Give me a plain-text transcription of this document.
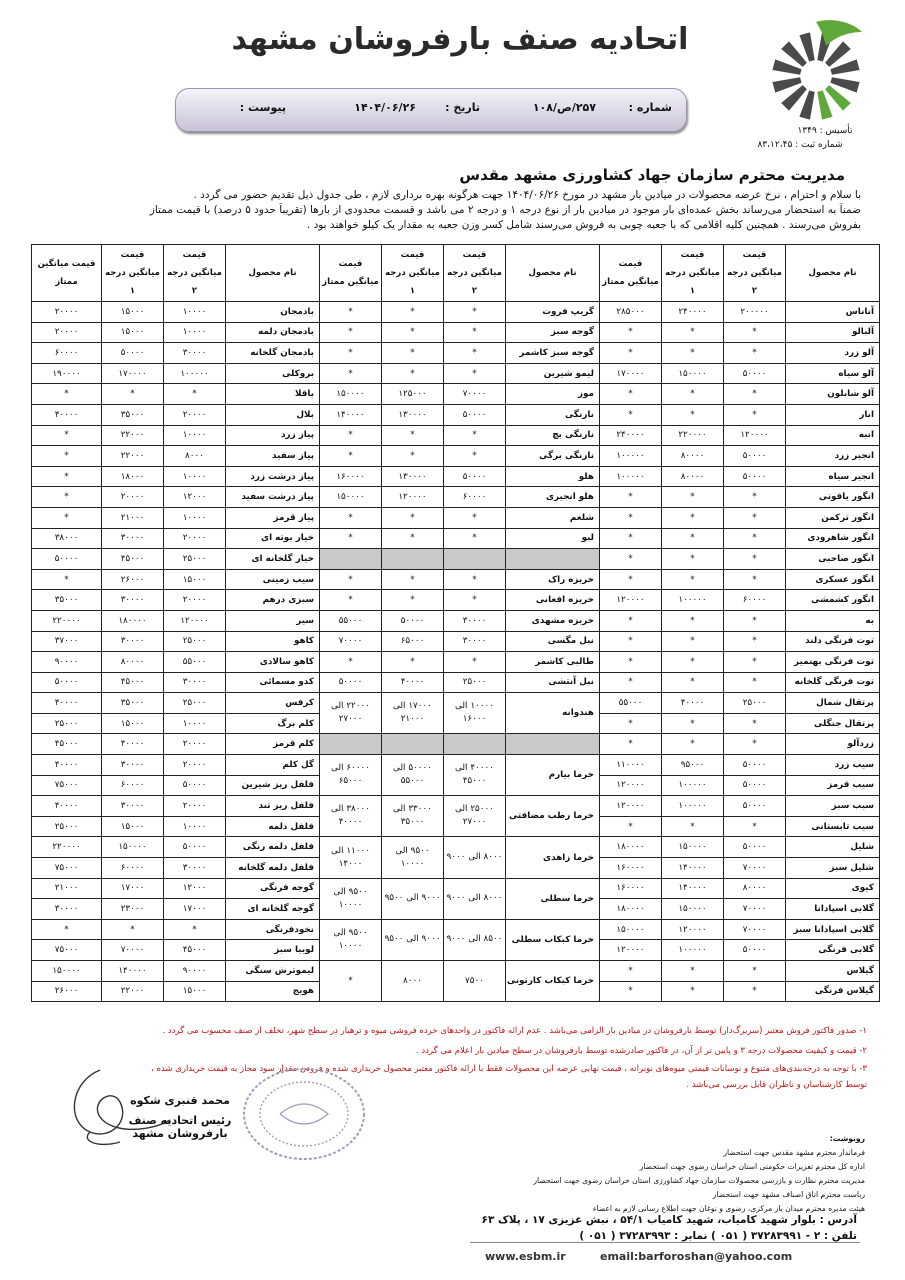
اتحادیه صنف بارفروشان مشهد
تأسیس : ۱۳۴۹
شماره ثبت : ۸۳،۱۲،۴۵
شماره :
۲۵۷/ص/۱۰۸
تاریخ :
۱۴۰۴/۰۶/۲۶
پیوست :
مدیریت محترم سازمان جهاد کشاورزی مشهد مقدس
با سلام و احترام ، نرخ عرضه محصولات در میادین بار مشهد در مورخ ۱۴۰۴/۰۶/۲۶ جهت هرگونه بهره برداری لازم ، طی جدول ذیل تقدیم حضور می گردد .
ضمناً به استحضار می‌رساند بخش عمده‌ای بار موجود در میادین بار از نوع درجه ۱ و درجه ۲ می باشد و قسمت محدودی از بارها (تقریباً حدود ۵ درصد) با قیمت ممتاز
بفروش می‌رسند . همچنین کلیه اقلامی که با جعبه چوبی به فروش می‌رسند شامل کسر وزن جعبه به مقدار یک کیلو خواهند بود .
نام محصول	قیمت میانگین درجه ۲	قیمت میانگین درجه ۱	قیمت میانگین ممتاز	نام محصول	قیمت میانگین درجه ۲	قیمت میانگین درجه ۱	قیمت میانگین ممتاز	نام محصول	قیمت میانگین درجه ۲	قیمت میانگین درجه ۱	قیمت میانگین ممتاز
آناناس	۲۰۰۰۰۰	۲۴۰۰۰۰	۲۸۵۰۰۰	گریپ فروت	*	*	*	بادمجان	۱۰۰۰۰	۱۵۰۰۰	۲۰۰۰۰
آلبالو	*	*	*	گوجه سبز	*	*	*	بادمجان دلمه	۱۰۰۰۰	۱۵۰۰۰	۲۰۰۰۰
آلو زرد	*	*	*	گوجه سبز کاشمر	*	*	*	بادمجان گلخانه	۳۰۰۰۰	۵۰۰۰۰	۶۰۰۰۰
آلو سیاه	۵۰۰۰۰	۱۵۰۰۰۰	۱۷۰۰۰۰	لیمو شیرین	*	*	*	بروکلی	۱۰۰۰۰۰	۱۷۰۰۰۰	۱۹۰۰۰۰
آلو شابلون	*	*	*	موز	۷۰۰۰۰	۱۲۵۰۰۰	۱۵۰۰۰۰	باقلا	*	*	*
انار	*	*	*	نارنگی	۵۰۰۰۰	۱۳۰۰۰۰	۱۴۰۰۰۰	بلال	۲۰۰۰۰	۳۵۰۰۰	۴۰۰۰۰
انبه	۱۲۰۰۰۰	۲۲۰۰۰۰	۲۴۰۰۰۰	نارنگی بچ	*	*	*	پیاز زرد	۱۰۰۰۰	۲۲۰۰۰	*
انجیر زرد	۵۰۰۰۰	۸۰۰۰۰	۱۰۰۰۰۰	نارنگی برگی	*	*	*	پیاز سفید	۸۰۰۰	۲۲۰۰۰	*
انجیر سیاه	۵۰۰۰۰	۸۰۰۰۰	۱۰۰۰۰۰	هلو	۵۰۰۰۰	۱۳۰۰۰۰	۱۶۰۰۰۰	پیاز درشت زرد	۱۰۰۰۰	۱۸۰۰۰	*
انگور یاقوتی	*	*	*	هلو انجیری	۶۰۰۰۰	۱۲۰۰۰۰	۱۵۰۰۰۰	پیاز درشت سفید	۱۲۰۰۰	۲۰۰۰۰	*
انگور ترکمن	*	*	*	شلغم	*	*	*	پیاز قرمز	۱۰۰۰۰	۲۱۰۰۰	*
انگور شاهرودی	*	*	*	لبو	*	*	*	خیار بوته ای	۲۰۰۰۰	۳۰۰۰۰	۳۸۰۰۰
انگور صاحبی	*	*	*					خیار گلخانه ای	۲۵۰۰۰	۴۵۰۰۰	۵۰۰۰۰
انگور عسکری	*	*	*	خربزه راک	*	*	*	سیب زمینی	۱۵۰۰۰	۲۶۰۰۰	*
انگور کشمشی	۶۰۰۰۰	۱۰۰۰۰۰	۱۲۰۰۰۰	خربزه افغانی	*	*	*	سبزی درهم	۲۰۰۰۰	۳۰۰۰۰	۳۵۰۰۰
به	*	*	*	خربزه مشهدی	۳۰۰۰۰	۵۰۰۰۰	۵۵۰۰۰	سیر	۱۲۰۰۰۰	۱۸۰۰۰۰	۲۲۰۰۰۰
توت فرنگی دلند	*	*	*	نبل مگسی	۳۰۰۰۰	۶۵۰۰۰	۷۰۰۰۰	کاهو	۲۵۰۰۰	۳۰۰۰۰	۳۷۰۰۰
توت فرنگی بهنمیر	*	*	*	طالبی کاشمر	*	*	*	کاهو سالادی	۵۵۰۰۰	۸۰۰۰۰	۹۰۰۰۰
توت فرنگی گلخانه	*	*	*	نبل آنتشی	۲۵۰۰۰	۴۰۰۰۰	۵۰۰۰۰	کدو مسمائی	۳۰۰۰۰	۴۵۰۰۰	۵۰۰۰۰
پرتقال شمال	۲۵۰۰۰	۴۰۰۰۰	۵۵۰۰۰	هندوانه	۱۰۰۰۰ الی ۱۶۰۰۰	۱۷۰۰۰ الی ۲۱۰۰۰	۲۲۰۰۰ الی ۲۷۰۰۰	کرفس	۲۵۰۰۰	۳۵۰۰۰	۴۰۰۰۰
پرتقال جنگلی	*	*	*					کلم برگ	۱۰۰۰۰	۱۵۰۰۰	۲۵۰۰۰
زردآلو	*	*	*					کلم قرمز	۲۰۰۰۰	۴۰۰۰۰	۴۵۰۰۰
سیب زرد	۵۰۰۰۰	۹۵۰۰۰	۱۱۰۰۰۰	خرما بیارم	۴۰۰۰۰ الی ۴۵۰۰۰	۵۰۰۰۰ الی ۵۵۰۰۰	۶۰۰۰۰ الی ۶۵۰۰۰	گل کلم	۲۰۰۰۰	۳۰۰۰۰	۴۰۰۰۰
سیب قرمز	۵۰۰۰۰	۱۰۰۰۰۰	۱۲۰۰۰۰					فلفل ریز شیرین	۵۰۰۰۰	۶۰۰۰۰	۷۵۰۰۰
سیب سبز	۵۰۰۰۰	۱۰۰۰۰۰	۱۲۰۰۰۰	خرما رطب مضافتی	۲۵۰۰۰ الی ۲۷۰۰۰	۳۳۰۰۰ الی ۳۵۰۰۰	۳۸۰۰۰ الی ۴۰۰۰۰	فلفل ریز تند	۲۰۰۰۰	۳۰۰۰۰	۴۰۰۰۰
سیب تابستانی	*	*	*					فلفل دلمه	۱۰۰۰۰	۱۵۰۰۰	۲۵۰۰۰
شلیل	۵۰۰۰۰	۱۵۰۰۰۰	۱۸۰۰۰۰	خرما زاهدی	۸۰۰۰ الی ۹۰۰۰	۹۵۰۰ الی ۱۰۰۰۰	۱۱۰۰۰ الی ۱۴۰۰۰	فلفل دلمه رنگی	۵۰۰۰۰	۱۵۰۰۰۰	۲۲۰۰۰۰
شلیل سبز	۷۰۰۰۰	۱۴۰۰۰۰	۱۶۰۰۰۰					فلفل دلمه گلخانه	۳۰۰۰۰	۶۰۰۰۰	۷۵۰۰۰
کیوی	۸۰۰۰۰	۱۴۰۰۰۰	۱۶۰۰۰۰	خرما سطلی	۸۰۰۰ الی ۹۰۰۰	۹۰۰۰ الی ۹۵۰۰	۹۵۰۰ الی ۱۰۰۰۰	گوجه فرنگی	۱۲۰۰۰	۱۷۰۰۰	۲۱۰۰۰
گلابی اسپادانا	۷۰۰۰۰	۱۵۰۰۰۰	۱۸۰۰۰۰					گوجه گلخانه ای	۱۷۰۰۰	۲۳۰۰۰	۳۰۰۰۰
گلابی اسپادانا سبز	۷۰۰۰۰	۱۲۰۰۰۰	۱۵۰۰۰۰	خرما کبکاب سطلی	۸۵۰۰ الی ۹۰۰۰	۹۰۰۰ الی ۹۵۰۰	۹۵۰۰ الی ۱۰۰۰۰	نخودفرنگی	*	*	*
گلابی فرنگی	۵۰۰۰۰	۱۰۰۰۰۰	۱۲۰۰۰۰					لوبیا سبز	۴۵۰۰۰	۷۰۰۰۰	۷۵۰۰۰
گیلاس	*	*	*	خرما کبکاب کارتونی	۷۵۰۰	۸۰۰۰	*	لیموترش سنگی	۹۰۰۰۰	۱۴۰۰۰۰	۱۵۰۰۰۰
گیلاس فرنگی	*	*	*					هویج	۱۵۰۰۰	۲۲۰۰۰	۲۶۰۰۰
۱- صدور فاکتور فروش معتبر (سربرگ‌دار) توسط بارفروشان در میادین بار الزامی می‌باشد . عدم ارائه فاکتور در واحدهای خرده فروشی میوه و ترهبار در سطح شهر، تخلف از صنف محسوب می گردد .
۲- قیمت و کیفیت محصولات درجه ۳ و پایین تر از آن، در فاکتور صادرشده توسط بارفروشان در سطح میادین بار اعلام می گردد .
۳- با توجه به درجه‌بندی‌های متنوع و نوسانات قیمتی میوه‌های نوبرانه ، قیمت نهایی عرضه این محصولات فقط با ارائه فاکتور معتبر محصول خریداری شده و فرودن مقدار سود مجاز به قیمت خریداری شده ،
توسط کارشناسان و ناظران قابل بررسی می‌باشد .
محمد قنبری شکوه
رئیس اتحادیه صنف بارفروشان مشهد	رونوشت:
فرماندار محترم مشهد مقدس جهت استحضار
اداره کل محترم تعزیرات حکومتی استان خراسان رضوی جهت استحضار
مدیریت محترم نظارت و بازرسی محصولات سازمان جهاد کشاورزی استان خراسان رضوی جهت استحضار
ریاست محترم اتاق اصناف مشهد جهت استحضار
هیئت مدیره محترم میدان بار مرکزی، رضوی و نوغان جهت اطلاع رسانی لازم به اعضاء
آدرس : بلوار شهید کامیاب، شهید کامیاب ۵۴/۱ ، نبش عزیزی ۱۷ ، پلاک ۶۳
تلفن : ۲ - ۳۷۲۸۳۹۹۱ ( ۰۵۱ ) نمابر : ۳۷۲۸۳۹۹۳ ( ۰۵۱ )
www.esbm.ir	email:barforoshan@yahoo.com
